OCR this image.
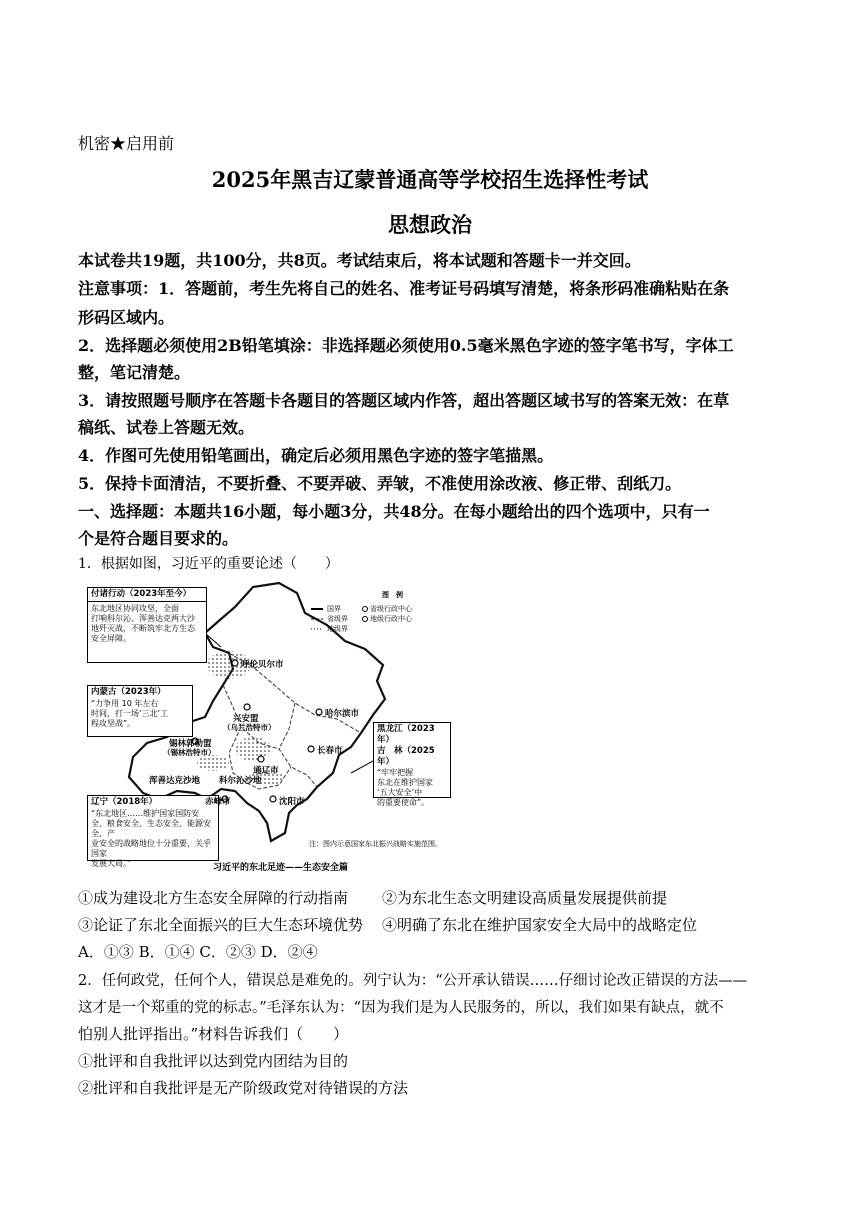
机密★启用前
2025年黑吉辽蒙普通高等学校招生选择性考试
思想政治
本试卷共19题，共100分，共8页。考试结束后，将本试题和答题卡一并交回。
注意事项：1．答题前，考生先将自己的姓名、准考证号码填写清楚，将条形码准确粘贴在条
形码区域内。
2．选择题必须使用2B铅笔填涂：非选择题必须使用0.5毫米黑色字迹的签字笔书写，字体工
整，笔记清楚。
3．请按照题号顺序在答题卡各题目的答题区域内作答，超出答题区域书写的答案无效：在草
稿纸、试卷上答题无效。
4．作图可先使用铅笔画出，确定后必须用黑色字迹的签字笔描黑。
5．保持卡面清洁，不要折叠、不要弄破、弄皱，不准使用涂改液、修正带、刮纸刀。
一、选择题：本题共16小题，每小题3分，共48分。在每小题给出的四个选项中，只有一
个是符合题目要求的。
1．根据如图，习近平的重要论述（　　）
图　例
国界
省级界
地级界
省级行政中心
地级行政中心
付诸行动（2023年至今）
东北地区协同攻坚，全面
打响科尔沁、浑善达克两大沙
地歼灭战，不断筑牢北方生态
安全屏障。
内蒙古（2023年）
“力争用 10 年左右
时间，打一场‘三北’工
程攻坚战”。
黑龙江（2023年）
吉　林（2025年）
“牢牢把握
东北在维护国家
‘五大安全’中
的重要使命”。
辽宁（2018年）
“东北地区……维护国家国防安
全、粮食安全、生态安全、能源安全、产
业安全的战略地位十分重要，关乎国家
发展大局。”
呼伦贝尔市
哈尔滨市
兴安盟
（乌兰浩特市）
长春市
锡林郭勒盟
（锡林浩特市）
通辽市
浑善达克沙地 科尔沁沙地
赤峰市	沈阳市
注：图内示意国家东北振兴战略实施范围。
习近平的东北足迹——生态安全篇
①成为建设北方生态安全屏障的行动指南 ②为东北生态文明建设高质量发展提供前提
③论证了东北全面振兴的巨大生态环境优势 ④明确了东北在维护国家安全大局中的战略定位
A．①③ B．①④ C．②③ D．②④
2．任何政党，任何个人，错误总是难免的。列宁认为：“公开承认错误……仔细讨论改正错误的方法——
这才是一个郑重的党的标志。”毛泽东认为：“因为我们是为人民服务的，所以，我们如果有缺点，就不
怕别人批评指出。”材料告诉我们（　　）
①批评和自我批评以达到党内团结为目的
②批评和自我批评是无产阶级政党对待错误的方法
